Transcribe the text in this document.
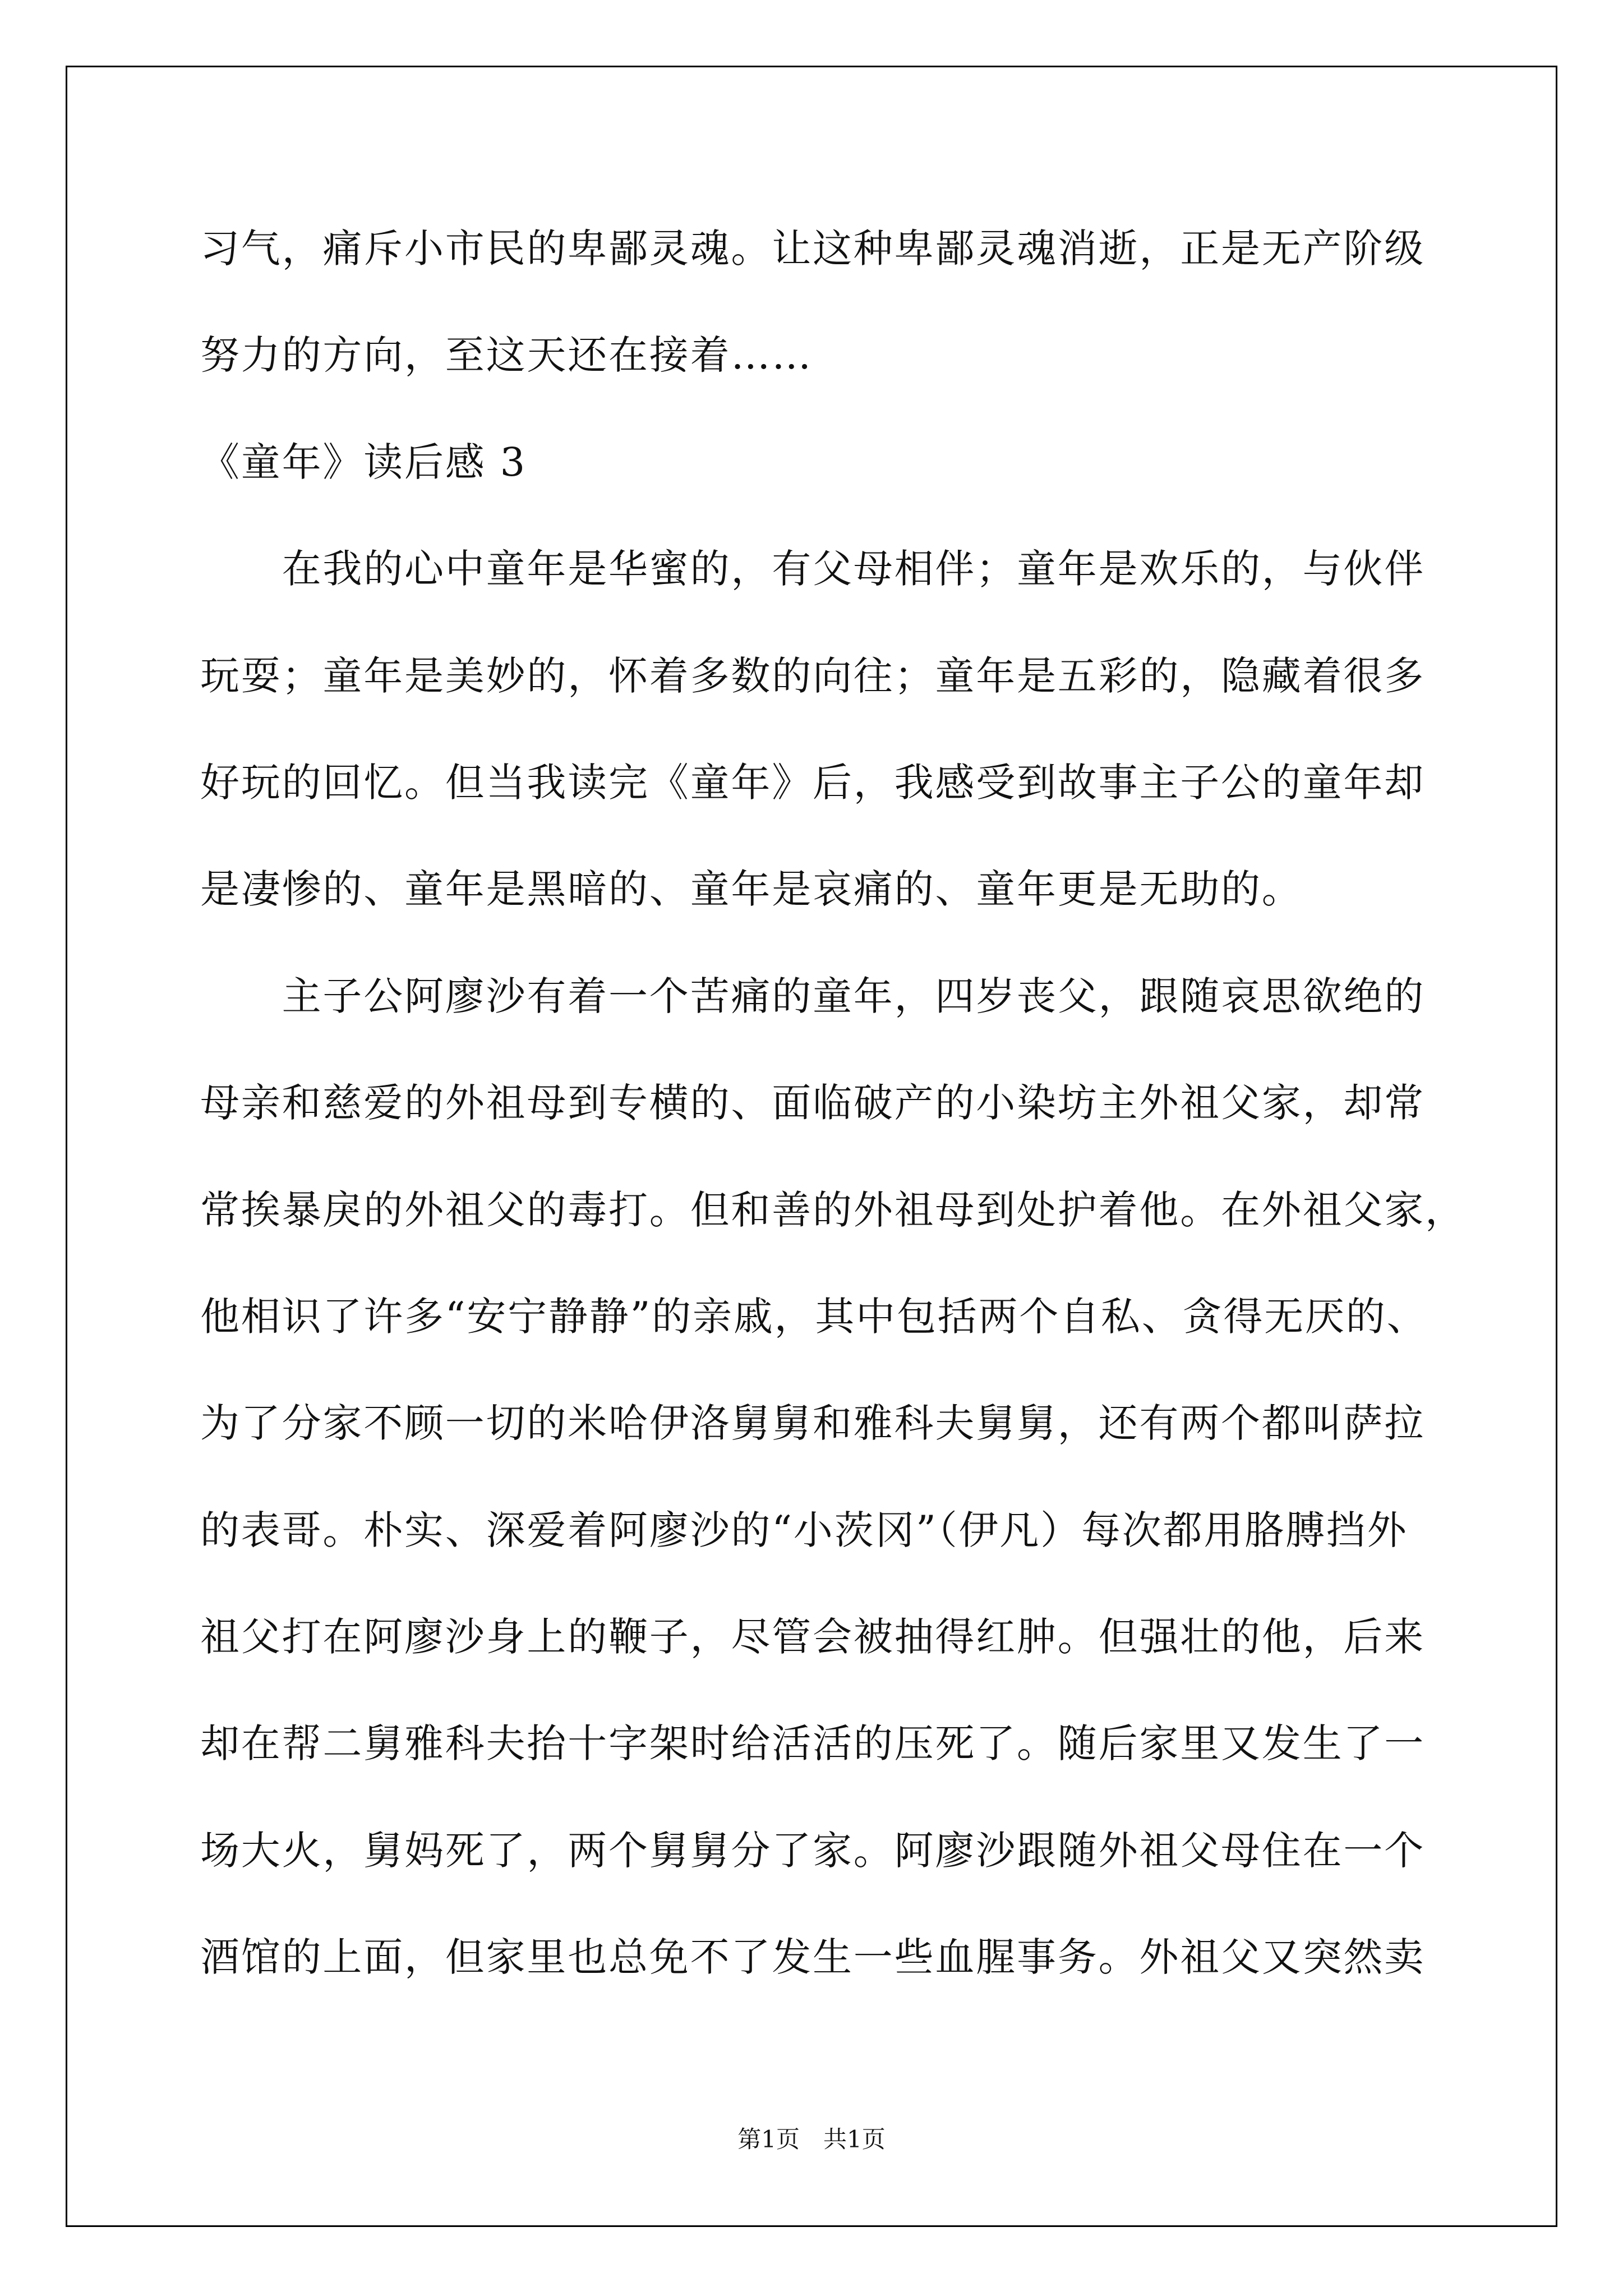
习气，痛斥小市民的卑鄙灵魂。让这种卑鄙灵魂消逝，正是无产阶级
努力的方向，至这天还在接着……
《童年》读后感 3
在我的心中童年是华蜜的，有父母相伴；童年是欢乐的，与伙伴
玩耍；童年是美妙的，怀着多数的向往；童年是五彩的，隐藏着很多
好玩的回忆。但当我读完《童年》后，我感受到故事主子公的童年却
是凄惨的、童年是黑暗的、童年是哀痛的、童年更是无助的。
主子公阿廖沙有着一个苦痛的童年，四岁丧父，跟随哀思欲绝的
母亲和慈爱的外祖母到专横的、面临破产的小染坊主外祖父家，却常
常挨暴戾的外祖父的毒打。但和善的外祖母到处护着他。在外祖父家，
他相识了许多“安宁静静”的亲戚，其中包括两个自私、贪得无厌的、
为了分家不顾一切的米哈伊洛舅舅和雅科夫舅舅，还有两个都叫萨拉
的表哥。朴实、深爱着阿廖沙的“小茨冈”（伊凡）每次都用胳膊挡外
祖父打在阿廖沙身上的鞭子，尽管会被抽得红肿。但强壮的他，后来
却在帮二舅雅科夫抬十字架时给活活的压死了。随后家里又发生了一
场大火，舅妈死了，两个舅舅分了家。阿廖沙跟随外祖父母住在一个
酒馆的上面，但家里也总免不了发生一些血腥事务。外祖父又突然卖
第1页　共1页
